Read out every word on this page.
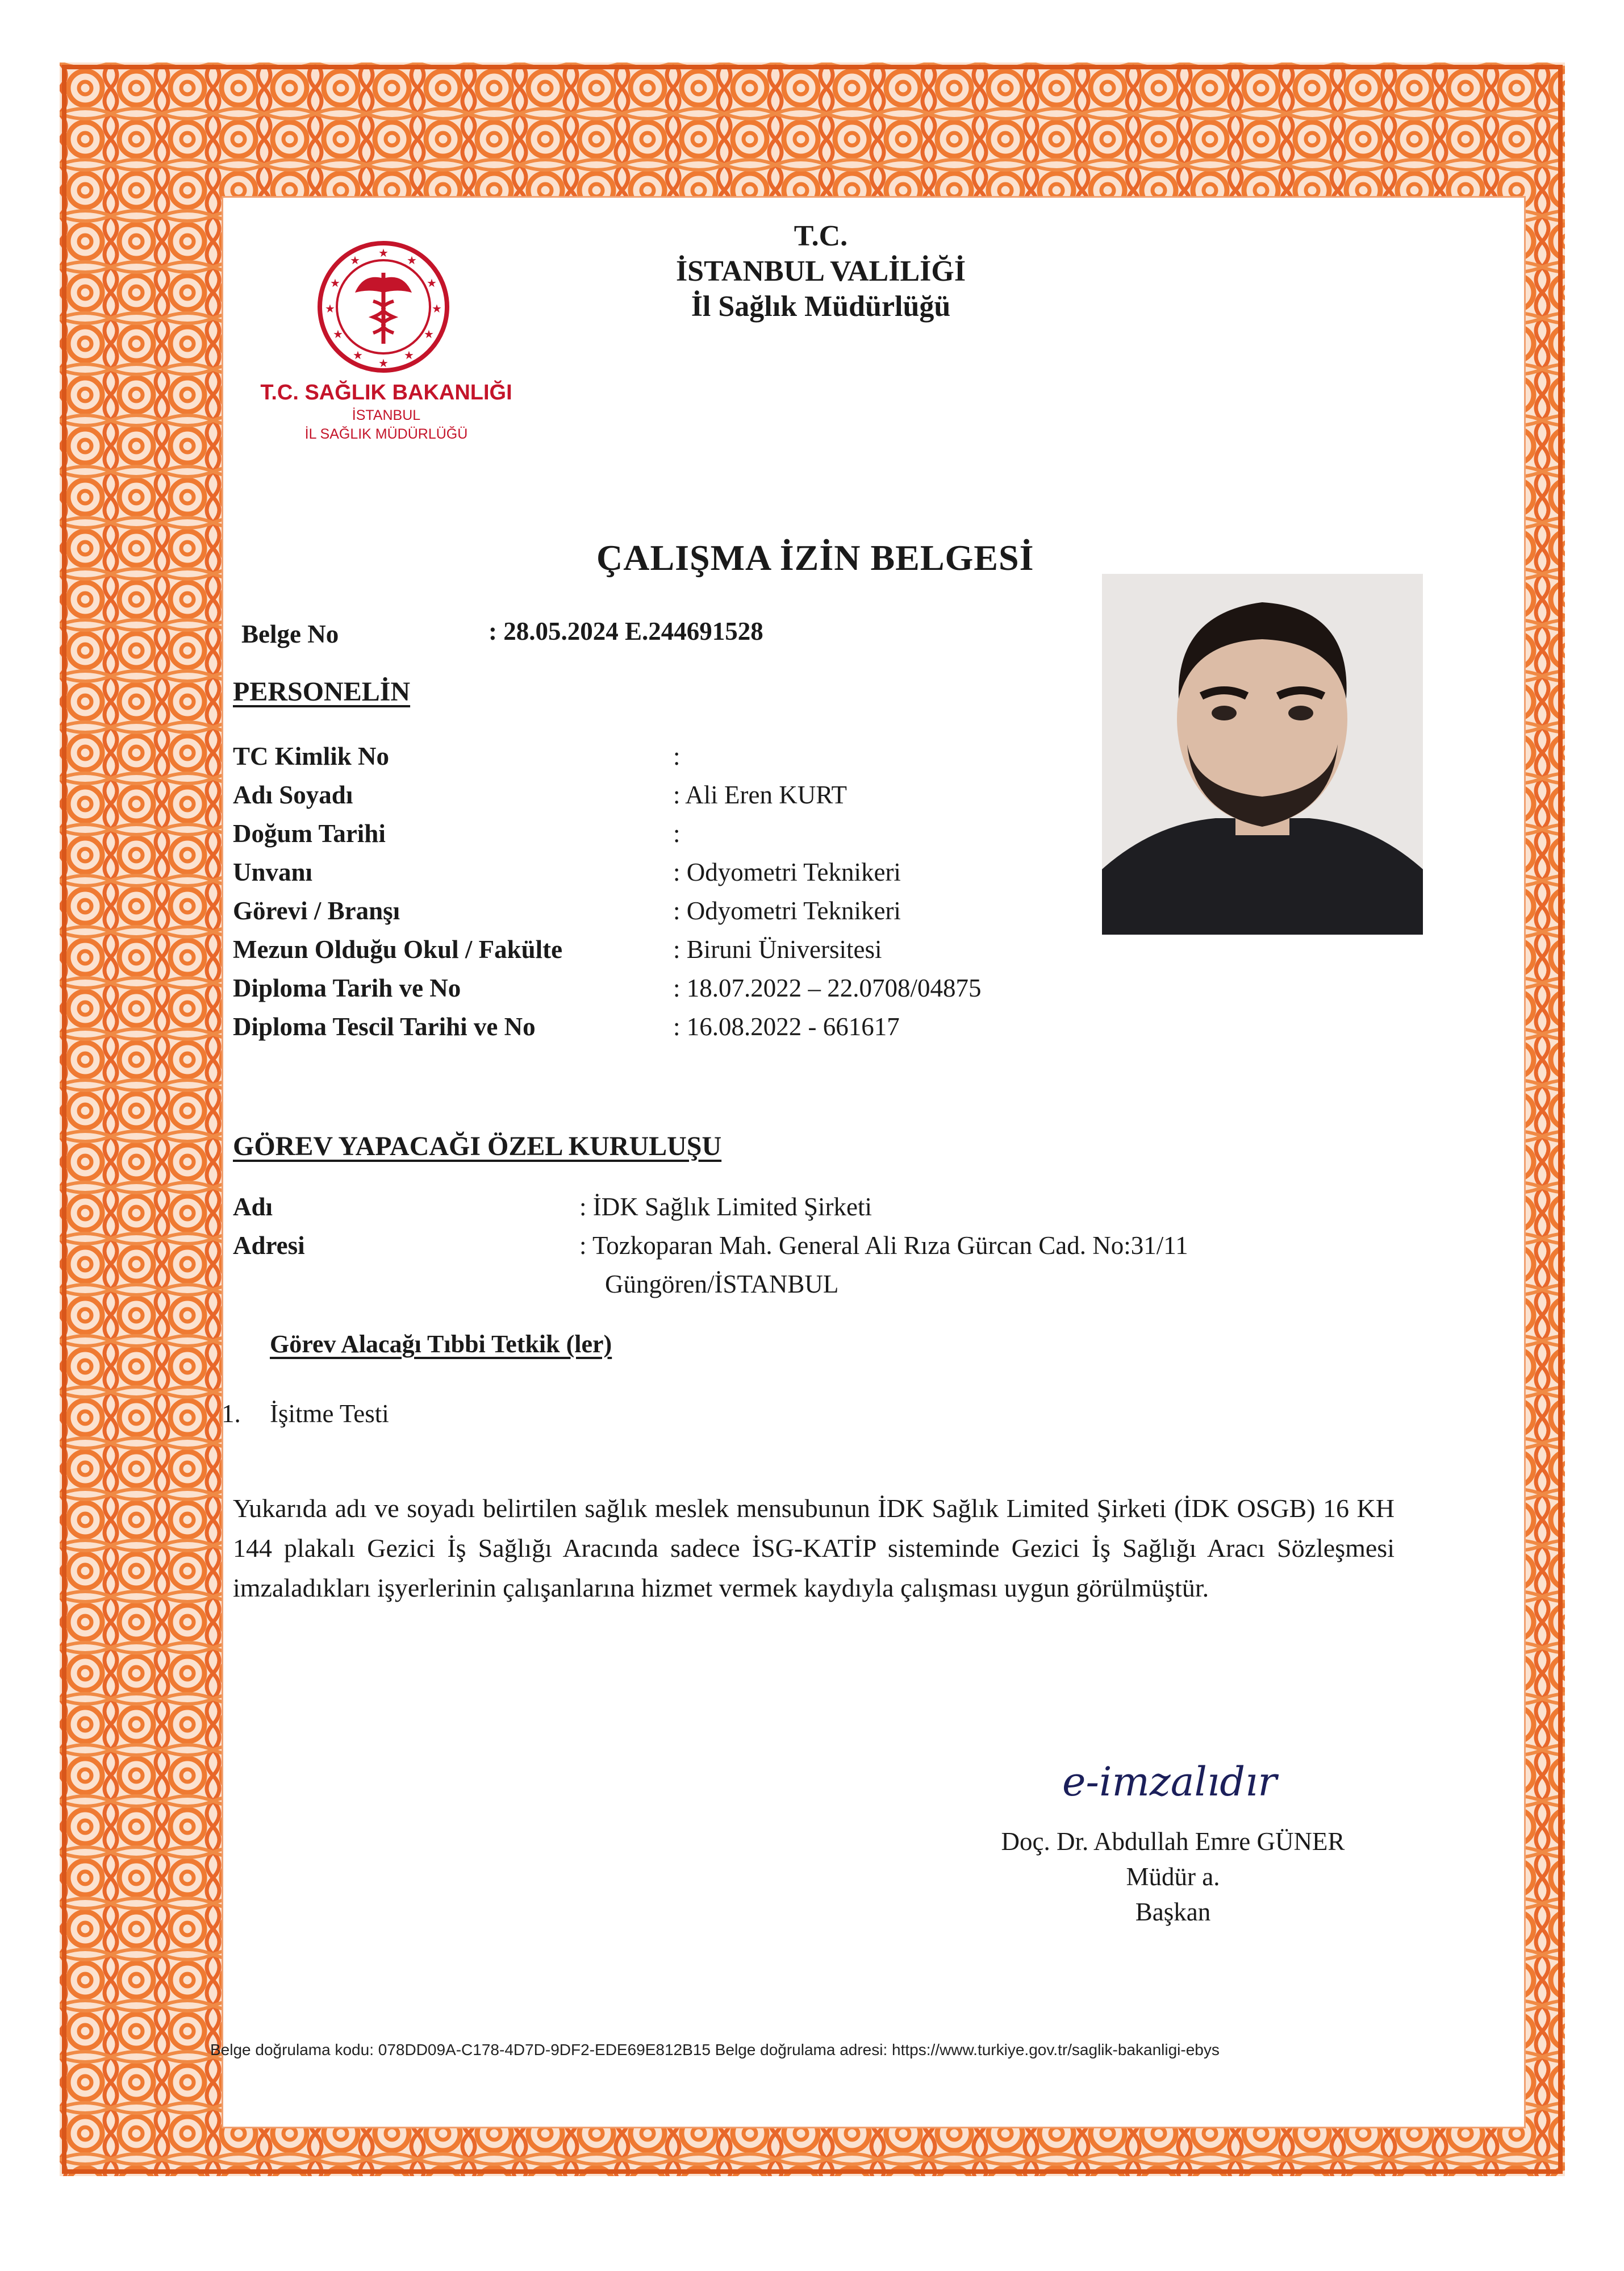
T.C.
İSTANBUL VALİLİĞİ
İl Sağlık Müdürlüğü
★
★
★
★
★
★
★
★
★
★
★
★
T.C. SAĞLIK BAKANLIĞI
İSTANBUL
İL SAĞLIK MÜDÜRLÜĞÜ
ÇALIŞMA İZİN BELGESİ
Belge No	: 28.05.2024 E.244691528
PERSONELİN
TC Kimlik No	:
Adı Soyadı	: Ali Eren KURT
Doğum Tarihi	:
Unvanı	: Odyometri Teknikeri
Görevi / Branşı	: Odyometri Teknikeri
Mezun Olduğu Okul / Fakülte	: Biruni Üniversitesi
Diploma Tarih ve No	: 18.07.2022 – 22.0708/04875
Diploma Tescil Tarihi ve No	: 16.08.2022 - 661617
GÖREV YAPACAĞI ÖZEL KURULUŞU
Adı	: İDK Sağlık Limited Şirketi
Adresi	: Tozkoparan Mah. General Ali Rıza Gürcan Cad. No:31/11
Güngören/İSTANBUL
Görev Alacağı Tıbbi Tetkik (ler)
1. İşitme Testi
Yukarıda adı ve soyadı belirtilen sağlık meslek mensubunun İDK Sağlık Limited Şirketi (İDK OSGB) 16 KH 144 plakalı Gezici İş Sağlığı Aracında sadece İSG-KATİP sisteminde Gezici İş Sağlığı Aracı Sözleşmesi imzaladıkları işyerlerinin çalışanlarına hizmet vermek kaydıyla çalışması uygun görülmüştür.
e-imzalıdır
Doç. Dr. Abdullah Emre GÜNER
Müdür a.
Başkan
Belge doğrulama kodu: 078DD09A-C178-4D7D-9DF2-EDE69E812B15 Belge doğrulama adresi: https://www.turkiye.gov.tr/saglik-bakanligi-ebys
